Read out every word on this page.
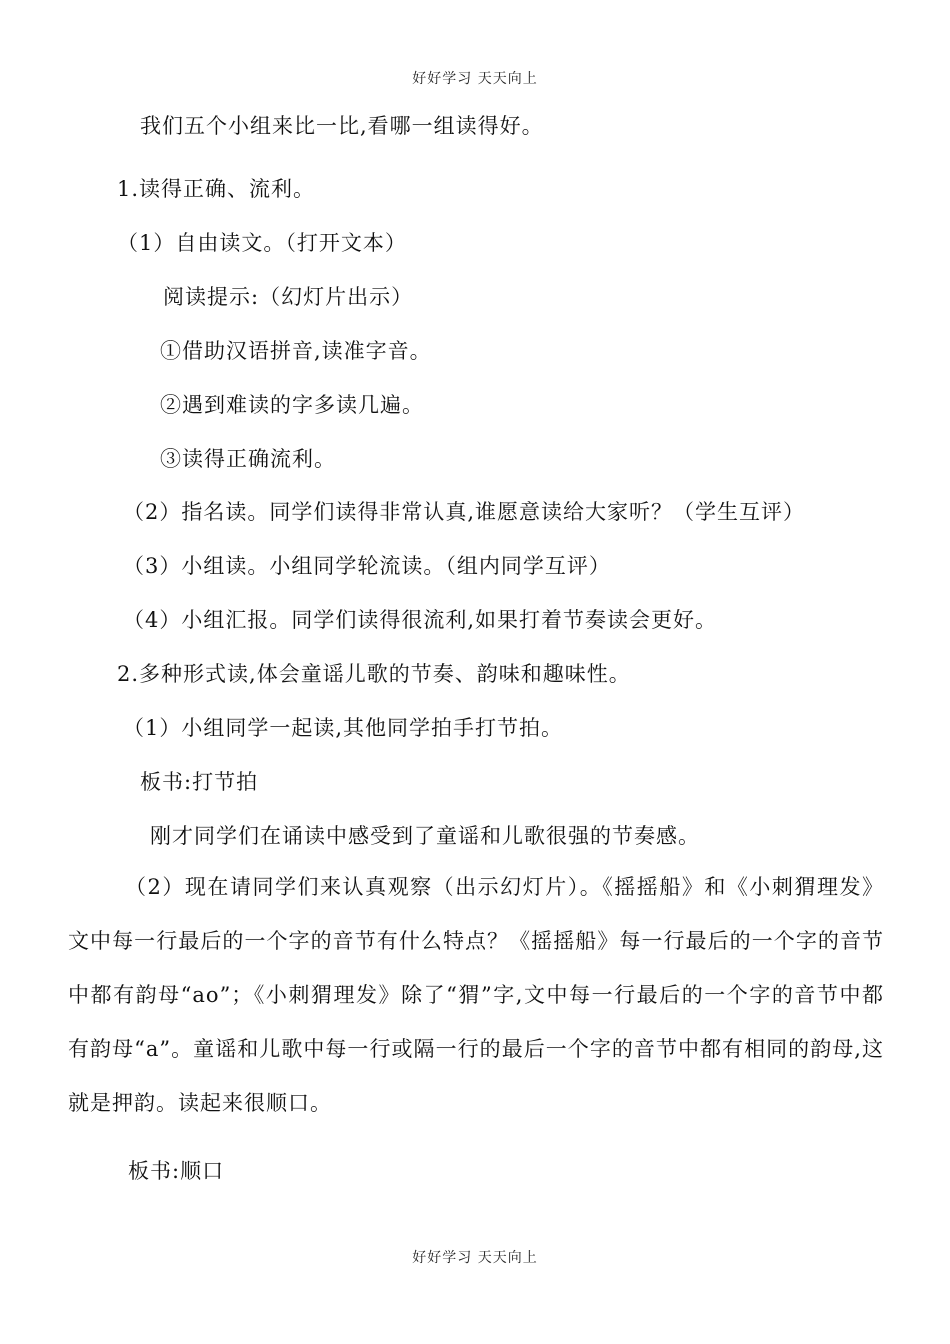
好好学习 天天向上
我们五个小组来比一比,看哪一组读得好。
1.读得正确、流利。
（1）自由读文。（打开文本）
阅读提示:（幻灯片出示）
①借助汉语拼音,读准字音。
②遇到难读的字多读几遍。
③读得正确流利。
（2）指名读。同学们读得非常认真,谁愿意读给大家听？（学生互评）
（3）小组读。小组同学轮流读。（组内同学互评）
（4）小组汇报。同学们读得很流利,如果打着节奏读会更好。
2.多种形式读,体会童谣儿歌的节奏、韵味和趣味性。
（1）小组同学一起读,其他同学拍手打节拍。
板书:打节拍
刚才同学们在诵读中感受到了童谣和儿歌很强的节奏感。
（2）现在请同学们来认真观察（出示幻灯片）。《摇摇船》和《小刺猬理发》文中每一行最后的一个字的音节有什么特点？《摇摇船》每一行最后的一个字的音节中都有韵母“ao”；《小刺猬理发》除了“猬”字,文中每一行最后的一个字的音节中都有韵母“a”。童谣和儿歌中每一行或隔一行的最后一个字的音节中都有相同的韵母,这就是押韵。读起来很顺口。
板书:顺口
好好学习 天天向上
